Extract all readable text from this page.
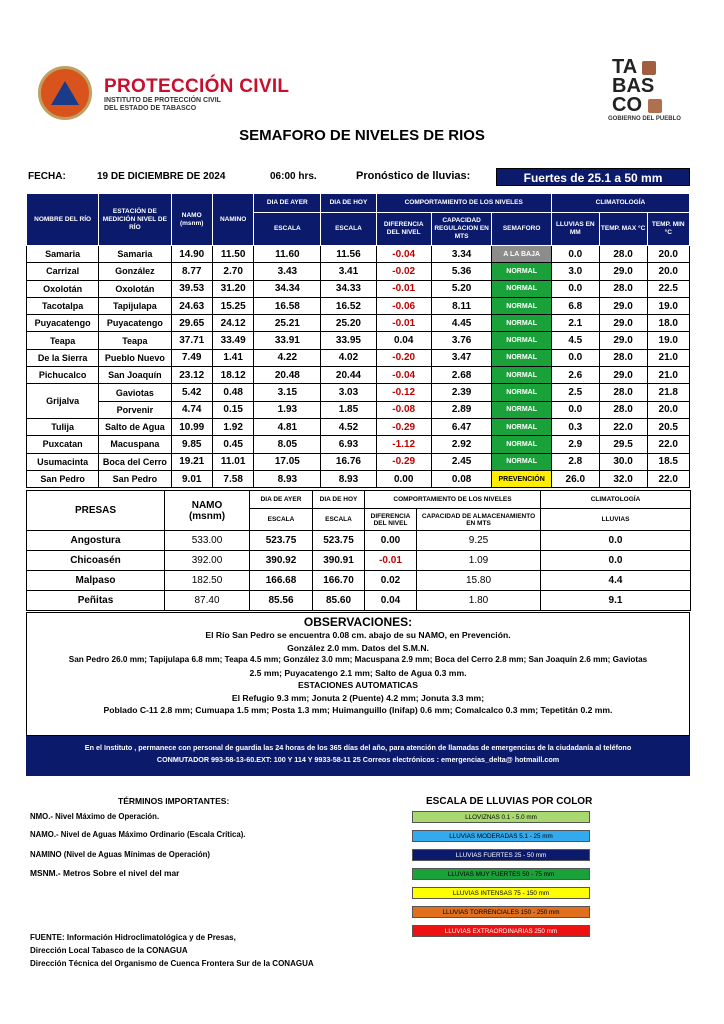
PROTECCIÓN CIVIL
INSTITUTO DE PROTECCIÓN CIVIL
DEL ESTADO DE TABASCO
TA
BAS
CO
GOBIERNO DEL PUEBLO
SEMAFORO DE NIVELES DE RIOS
FECHA:	19 DE DICIEMBRE DE 2024	06:00 hrs.	Pronóstico de lluvias:	Fuertes de 25.1 a 50 mm
NOMBRE DEL RÍO	ESTACIÓN DE MEDICIÓN NIVEL DE RÍO	NAMO (msnm)	NAMINO	DIA DE AYER	DIA DE HOY	COMPORTAMIENTO DE LOS NIVELES			CLIMATOLOGÍA		
				ESCALA	ESCALA	DIFERENCIA DEL NIVEL	CAPACIDAD REGULACION EN MTS	SEMAFORO	LLUVIAS EN MM	TEMP. MAX °C	TEMP. MIN °C
Samaria	Samaria	14.90	11.50	11.60	11.56	-0.04	3.34	A LA BAJA	0.0	28.0	20.0
Carrizal	González	8.77	2.70	3.43	3.41	-0.02	5.36	NORMAL	3.0	29.0	20.0
Oxolotán	Oxolotán	39.53	31.20	34.34	34.33	-0.01	5.20	NORMAL	0.0	28.0	22.5
Tacotalpa	Tapijulapa	24.63	15.25	16.58	16.52	-0.06	8.11	NORMAL	6.8	29.0	19.0
Puyacatengo	Puyacatengo	29.65	24.12	25.21	25.20	-0.01	4.45	NORMAL	2.1	29.0	18.0
Teapa	Teapa	37.71	33.49	33.91	33.95	0.04	3.76	NORMAL	4.5	29.0	19.0
De la Sierra	Pueblo Nuevo	7.49	1.41	4.22	4.02	-0.20	3.47	NORMAL	0.0	28.0	21.0
Pichucalco	San Joaquín	23.12	18.12	20.48	20.44	-0.04	2.68	NORMAL	2.6	29.0	21.0
Grijalva	Gaviotas	5.42	0.48	3.15	3.03	-0.12	2.39	NORMAL	2.5	28.0	21.8
	Porvenir	4.74	0.15	1.93	1.85	-0.08	2.89	NORMAL	0.0	28.0	20.0
Tulija	Salto de Agua	10.99	1.92	4.81	4.52	-0.29	6.47	NORMAL	0.3	22.0	20.5
Puxcatan	Macuspana	9.85	0.45	8.05	6.93	-1.12	2.92	NORMAL	2.9	29.5	22.0
Usumacinta	Boca del Cerro	19.21	11.01	17.05	16.76	-0.29	2.45	NORMAL	2.8	30.0	18.5
San Pedro	San Pedro	9.01	7.58	8.93	8.93	0.00	0.08	PREVENCIÓN	26.0	32.0	22.0
PRESAS	NAMO
(msnm)	DIA DE AYER	DIA DE HOY	COMPORTAMIENTO DE LOS NIVELES		CLIMATOLOGÍA
		ESCALA	ESCALA	DIFERENCIA DEL NIVEL	CAPACIDAD DE ALMACENAMIENTO EN MTS	LLUVIAS
Angostura	533.00	523.75	523.75	0.00	9.25	0.0
Chicoasén	392.00	390.92	390.91	-0.01	1.09	0.0
Malpaso	182.50	166.68	166.70	0.02	15.80	4.4
Peñitas	87.40	85.56	85.60	0.04	1.80	9.1
OBSERVACIONES:

El Río San Pedro se encuentra 0.08 cm. abajo de su NAMO, en Prevención.

González 2.0 mm. Datos del S.M.N.

San Pedro 26.0 mm; Tapijulapa 6.8 mm; Teapa 4.5 mm; González 3.0 mm; Macuspana 2.9 mm; Boca del Cerro 2.8 mm; San Joaquín 2.6 mm; Gaviotas

2.5 mm; Puyacatengo 2.1 mm; Salto de Agua 0.3 mm.

ESTACIONES AUTOMATICAS

El Refugio 9.3 mm; Jonuta 2 (Puente) 4.2 mm; Jonuta 3.3 mm;

Poblado C-11 2.8 mm; Cumuapa 1.5 mm; Posta 1.3 mm; Huimanguillo (Inifap) 0.6 mm; Comalcalco 0.3 mm; Tepetitán 0.2 mm.

En el Instituto , permanece con personal de guardia las 24 horas de los 365 días del año, para atención de llamadas de emergencias de la ciudadanía al teléfono
CONMUTADOR 993-58-13-60.EXT: 100 Y 114 Y 9933-58-11 25 Correos electrónicos : emergencias_delta@ hotmaill.com
TÉRMINOS IMPORTANTES:
NMO.- Nivel Máximo de Operación.
NAMO.- Nivel de Aguas Máximo Ordinario (Escala Crítica).
NAMINO (Nivel de Aguas Mínimas de Operación)
MSNM.- Metros Sobre el nivel del mar
ESCALA DE LLUVIAS POR COLOR
LLOVIZNAS 0.1 - 5.0 mm
LLUVIAS MODERADAS 5.1 - 25 mm
LLUVIAS FUERTES 25 - 50 mm
LLUVIAS MUY FUERTES 50 - 75 mm
LLUVIAS INTENSAS 75 - 150 mm
LLUVIAS TORRENCIALES 150 - 250 mm
LLUVIAS EXTRAORDINARIAS 250 mm
FUENTE: Información Hidroclimatológica y de Presas,
Dirección Local Tabasco de la CONAGUA
Dirección Técnica del Organismo de Cuenca Frontera Sur de la CONAGUA
